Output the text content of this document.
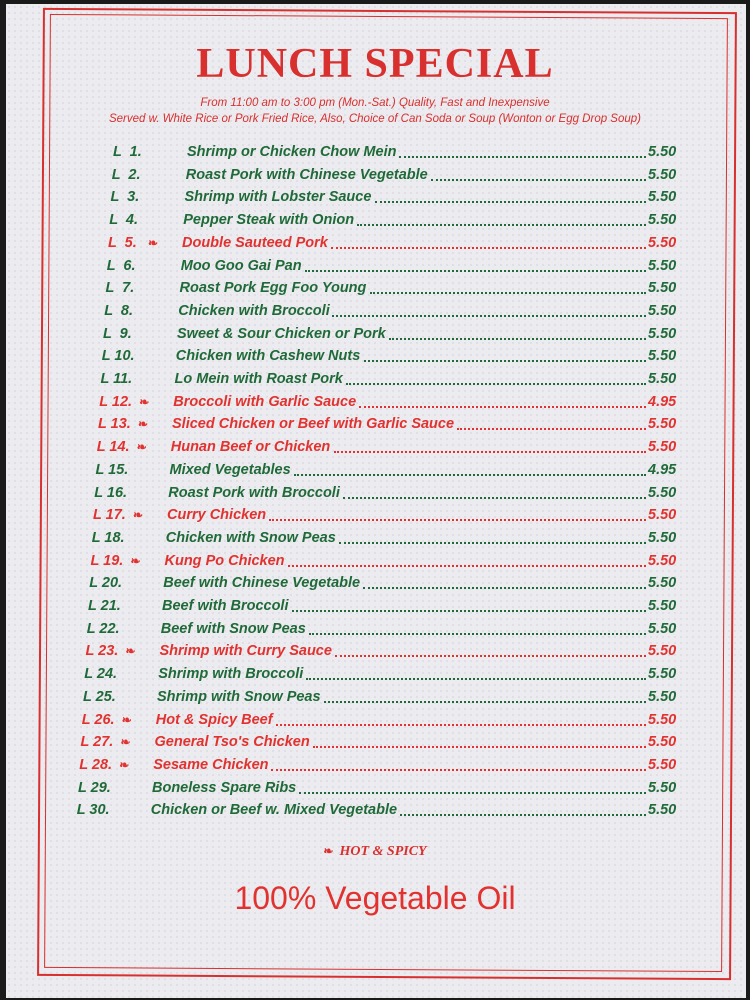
LUNCH SPECIAL
From 11:00 am to 3:00 pm (Mon.-Sat.) Quality, Fast and Inexpensive
Served w. White Rice or Pork Fried Rice, Also, Choice of Can Soda or Soup (Wonton or Egg Drop Soup)
L  1.	Shrimp or Chicken Chow Mein	5.50
L  2.	Roast Pork with Chinese Vegetable	5.50
L  3.	Shrimp with Lobster Sauce	5.50
L  4.	Pepper Steak with Onion	5.50
L  5. ❧ Double Sauteed Pork	5.50
L  6.	Moo Goo Gai Pan	5.50
L  7.	Roast Pork Egg Foo Young	5.50
L  8.	Chicken with Broccoli	5.50
L  9.	Sweet & Sour Chicken or Pork	5.50
L 10.	Chicken with Cashew Nuts	5.50
L 11.	Lo Mein with Roast Pork	5.50
L 12. ❧ Broccoli with Garlic Sauce	4.95
L 13. ❧ Sliced Chicken or Beef with Garlic Sauce	5.50
L 14. ❧ Hunan Beef or Chicken	5.50
L 15.	Mixed Vegetables	4.95
L 16.	Roast Pork with Broccoli	5.50
L 17. ❧ Curry Chicken	5.50
L 18.	Chicken with Snow Peas	5.50
L 19. ❧ Kung Po Chicken	5.50
L 20.	Beef with Chinese Vegetable	5.50
L 21.	Beef with Broccoli	5.50
L 22.	Beef with Snow Peas	5.50
L 23. ❧ Shrimp with Curry Sauce	5.50
L 24.	Shrimp with Broccoli	5.50
L 25.	Shrimp with Snow Peas	5.50
L 26. ❧ Hot & Spicy Beef	5.50
L 27. ❧ General Tso's Chicken	5.50
L 28. ❧ Sesame Chicken	5.50
L 29.	Boneless Spare Ribs	5.50
L 30.	Chicken or Beef w. Mixed Vegetable	5.50
❧ HOT & SPICY
100% Vegetable Oil
